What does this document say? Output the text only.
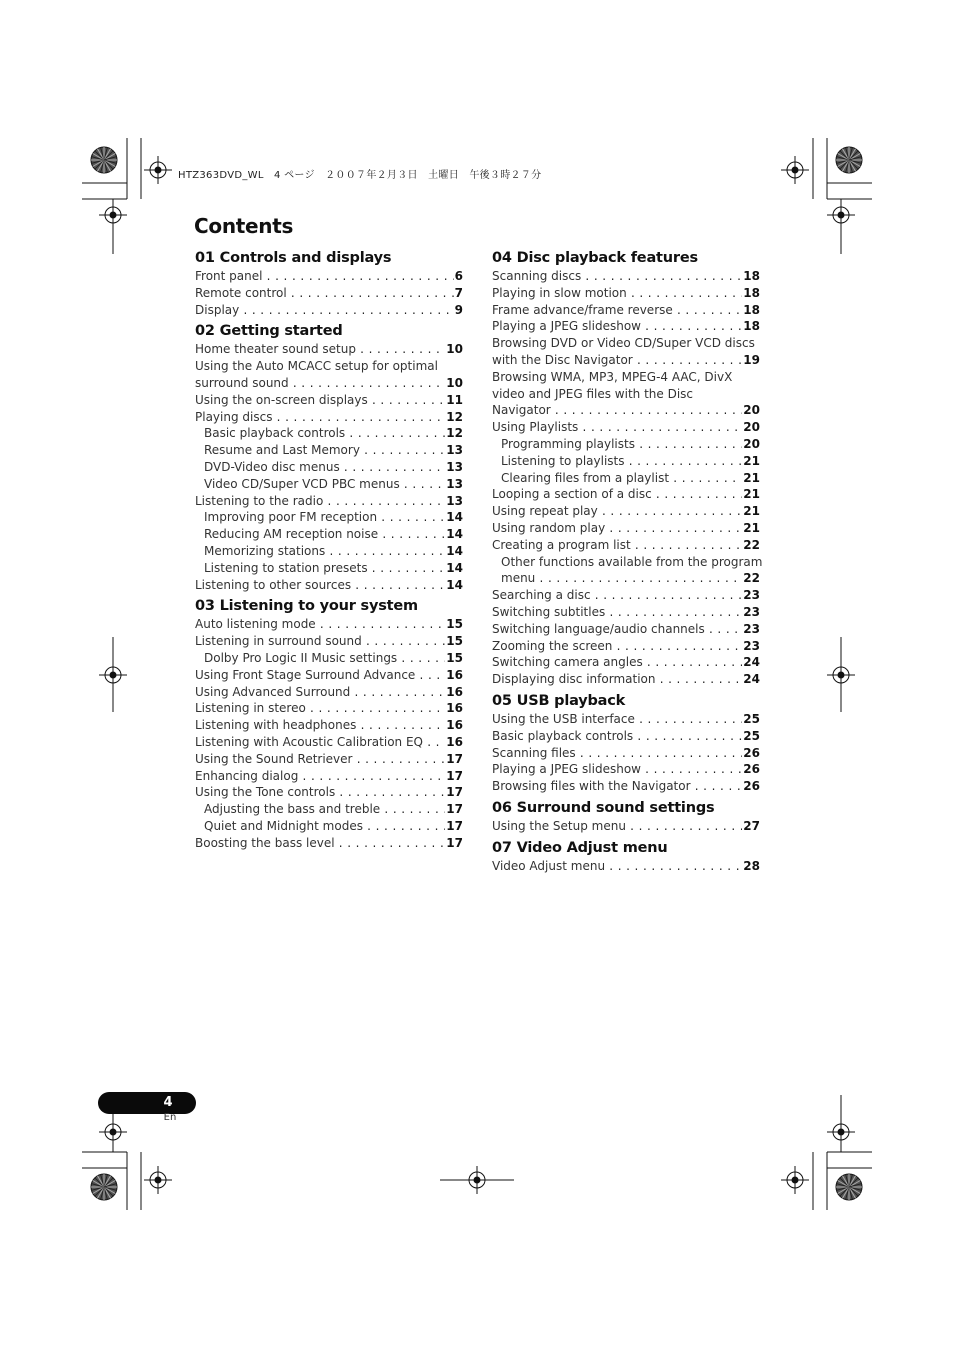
HTZ363DVD_WL　4 ページ　２００７年２月３日　土曜日　午後３時２７分
Contents
01 Controls and displays
Front panel . . .	6
Remote control . . .	7
Display . . .	9
02 Getting started
Home theater sound setup . . .	10
Using the Auto MCACC setup for optimal
surround sound . . .	10
Using the on-screen displays . . .	11
Playing discs . . .	12
Basic playback controls . . .	12
Resume and Last Memory . . .	13
DVD-Video disc menus . . .	13
Video CD/Super VCD PBC menus . . .	13
Listening to the radio . . .	13
Improving poor FM reception . . .	14
Reducing AM reception noise . . .	14
Memorizing stations . . .	14
Listening to station presets . . .	14
Listening to other sources . . .	14
03 Listening to your system
Auto listening mode . . .	15
Listening in surround sound . . .	15
Dolby Pro Logic II Music settings . . .	15
Using Front Stage Surround Advance . . .	16
Using Advanced Surround . . .	16
Listening in stereo . . .	16
Listening with headphones . . .	16
Listening with Acoustic Calibration EQ . . .	16
Using the Sound Retriever . . .	17
Enhancing dialog . . .	17
Using the Tone controls . . .	17
Adjusting the bass and treble . . .	17
Quiet and Midnight modes . . .	17
Boosting the bass level . . .	17
04 Disc playback features
Scanning discs . . .	18
Playing in slow motion . . .	18
Frame advance/frame reverse . . .	18
Playing a JPEG slideshow . . .	18
Browsing DVD or Video CD/Super VCD discs
with the Disc Navigator . . .	19
Browsing WMA, MP3, MPEG-4 AAC, DivX
video and JPEG files with the Disc
Navigator . . .	20
Using Playlists . . .	20
Programming playlists . . .	20
Listening to playlists . . .	21
Clearing files from a playlist . . .	21
Looping a section of a disc . . .	21
Using repeat play . . .	21
Using random play . . .	21
Creating a program list . . .	22
Other functions available from the program
menu . . .	22
Searching a disc . . .	23
Switching subtitles . . .	23
Switching language/audio channels . . .	23
Zooming the screen . . .	23
Switching camera angles . . .	24
Displaying disc information . . .	24
05 USB playback
Using the USB interface . . .	25
Basic playback controls . . .	25
Scanning files . . .	26
Playing a JPEG slideshow . . .	26
Browsing files with the Navigator . . .	26
06 Surround sound settings
Using the Setup menu . . .	27
07 Video Adjust menu
Video Adjust menu . . .	28
4
En
